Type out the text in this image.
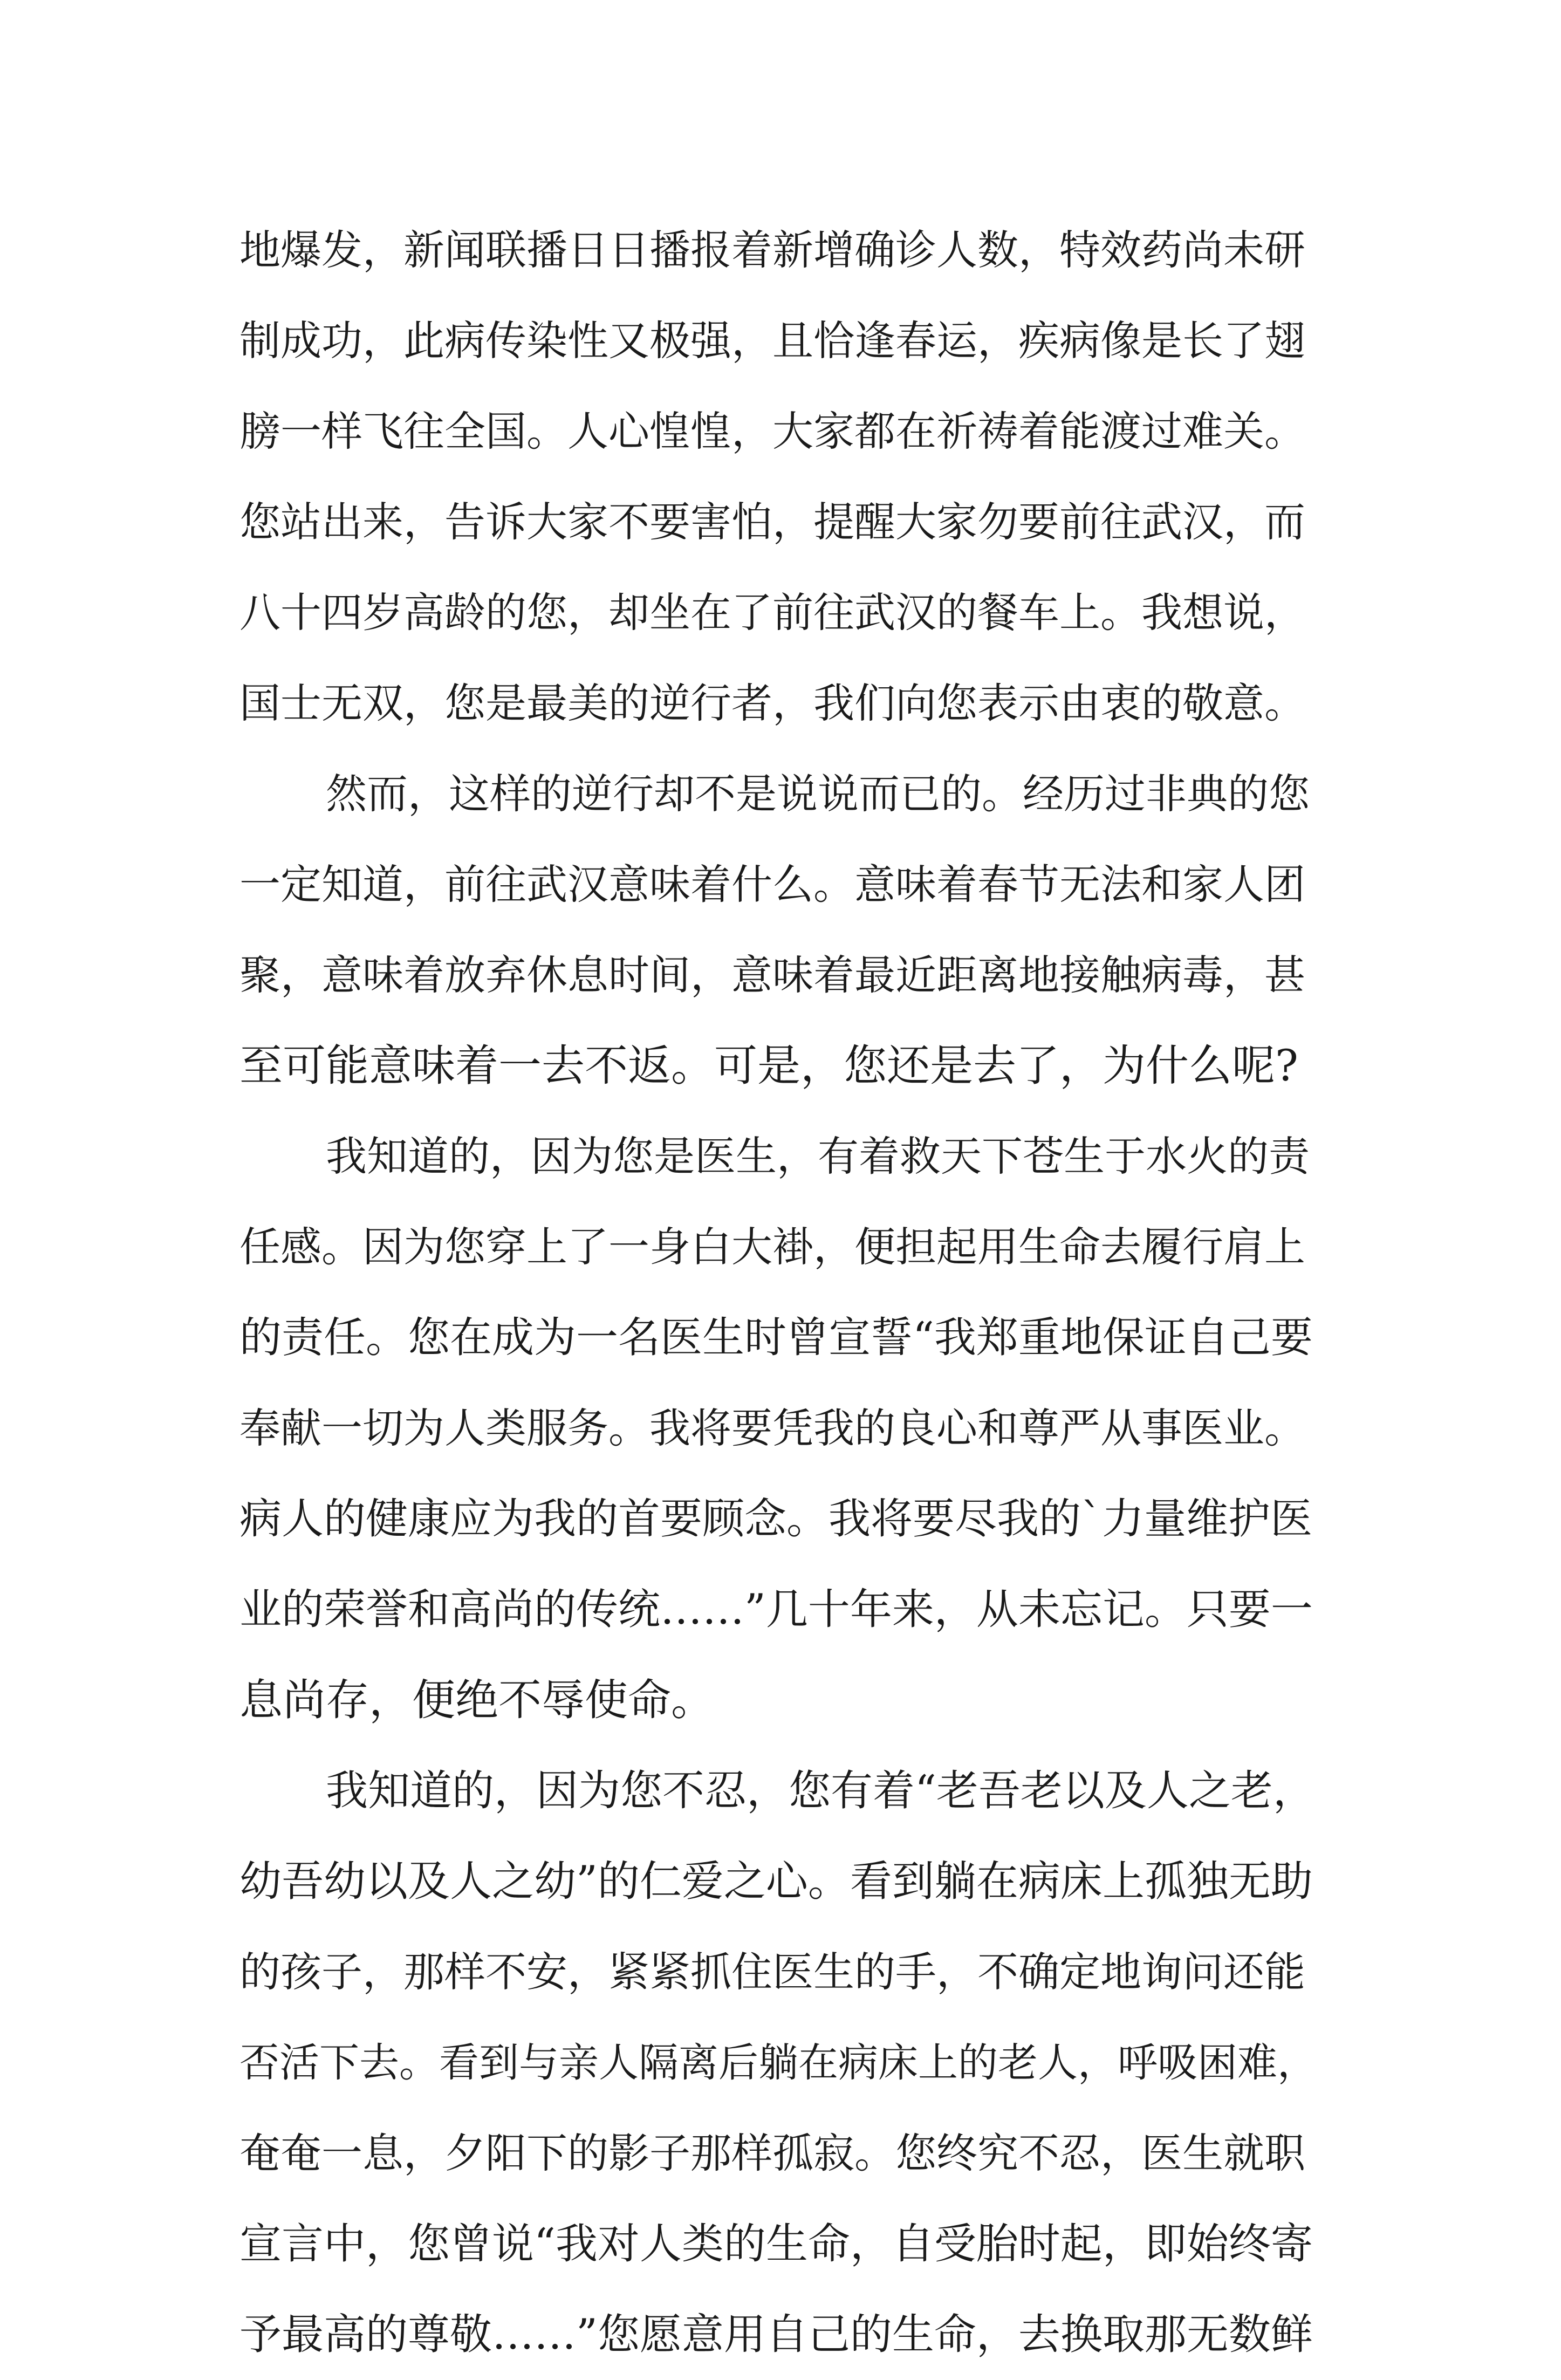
地爆发，新闻联播日日播报着新增确诊人数，特效药尚未研
制成功，此病传染性又极强，且恰逢春运，疾病像是长了翅
膀一样飞往全国。人心惶惶，大家都在祈祷着能渡过难关。
您站出来，告诉大家不要害怕，提醒大家勿要前往武汉，而
八十四岁高龄的您，却坐在了前往武汉的餐车上。我想说，
国士无双，您是最美的逆行者，我们向您表示由衷的敬意。
然而，这样的逆行却不是说说而已的。经历过非典的您
一定知道，前往武汉意味着什么。意味着春节无法和家人团
聚，意味着放弃休息时间，意味着最近距离地接触病毒，甚
至可能意味着一去不返。可是，您还是去了，为什么呢?
我知道的，因为您是医生，有着救天下苍生于水火的责
任感。因为您穿上了一身白大褂，便担起用生命去履行肩上
的责任。您在成为一名医生时曾宣誓“我郑重地保证自己要
奉献一切为人类服务。我将要凭我的良心和尊严从事医业。
病人的健康应为我的首要顾念。我将要尽我的`力量维护医
业的荣誉和高尚的传统……”几十年来，从未忘记。只要一
息尚存，便绝不辱使命。
我知道的，因为您不忍，您有着“老吾老以及人之老，
幼吾幼以及人之幼”的仁爱之心。看到躺在病床上孤独无助
的孩子，那样不安，紧紧抓住医生的手，不确定地询问还能
否活下去。看到与亲人隔离后躺在病床上的老人，呼吸困难，
奄奄一息，夕阳下的影子那样孤寂。您终究不忍，医生就职
宣言中，您曾说“我对人类的生命，自受胎时起，即始终寄
予最高的尊敬……”您愿意用自己的生命，去换取那无数鲜
